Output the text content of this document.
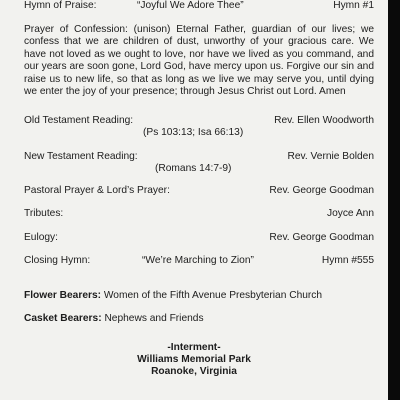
Hymn of Praise:	“Joyful We Adore Thee”	Hymn #1
Prayer of Confession: (unison) Eternal Father, guardian of our lives; we confess that we are children of dust, unworthy of your gracious care. We have not loved as we ought to love, nor have we lived as you command, and our years are soon gone, Lord God, have mercy upon us. Forgive our sin and raise us to new life, so that as long as we live we may serve you, until dying we enter the joy of your presence; through Jesus Christ out Lord. Amen
Old Testament Reading:	Rev. Ellen Woodworth
(Ps 103:13; Isa 66:13)
New Testament Reading:	Rev. Vernie Bolden
(Romans 14:7-9)
Pastoral Prayer & Lord’s Prayer:	Rev. George Goodman
Tributes:	Joyce Ann
Eulogy:	Rev. George Goodman
Closing Hymn:	“We’re Marching to Zion”	Hymn #555
Flower Bearers: Women of the Fifth Avenue Presbyterian Church
Casket Bearers: Nephews and Friends
-Interment-
Williams Memorial Park
Roanoke, Virginia
